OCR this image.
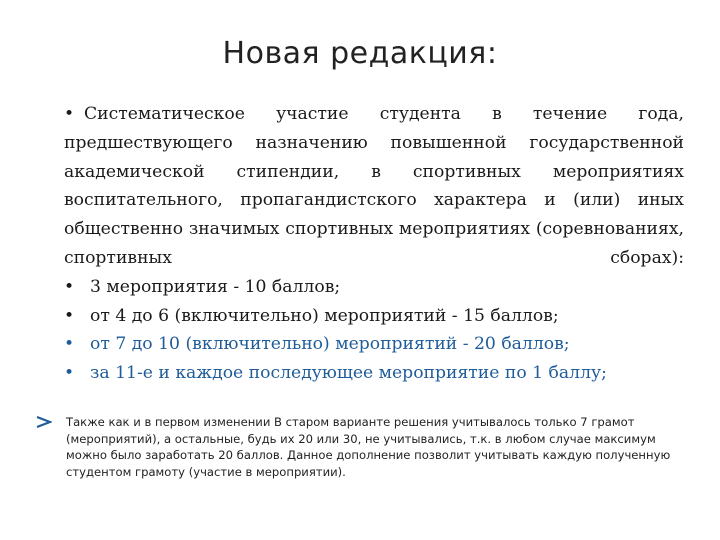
Новая редакция:

• Систематическое участие студента в течение года, предшествующего назначению повышенной государственной академической стипендии, в спортивных мероприятиях воспитательного, пропагандистского характера и (или) иных общественно значимых спортивных мероприятиях (соревнованиях, спортивных сборах):

• 3 мероприятия - 10 баллов;

• от 4 до 6 (включительно) мероприятий - 15 баллов;

• от 7 до 10 (включительно) мероприятий - 20 баллов;

• за 11-е и каждое последующее мероприятие по 1 баллу;

Также как и в первом изменении В старом варианте решения учитывалось только 7 грамот (мероприятий), а остальные, будь их 20 или 30, не учитывались, т.к. в любом случае максимум можно было заработать 20 баллов. Данное дополнение позволит учитывать каждую полученную студентом грамоту (участие в мероприятии).
